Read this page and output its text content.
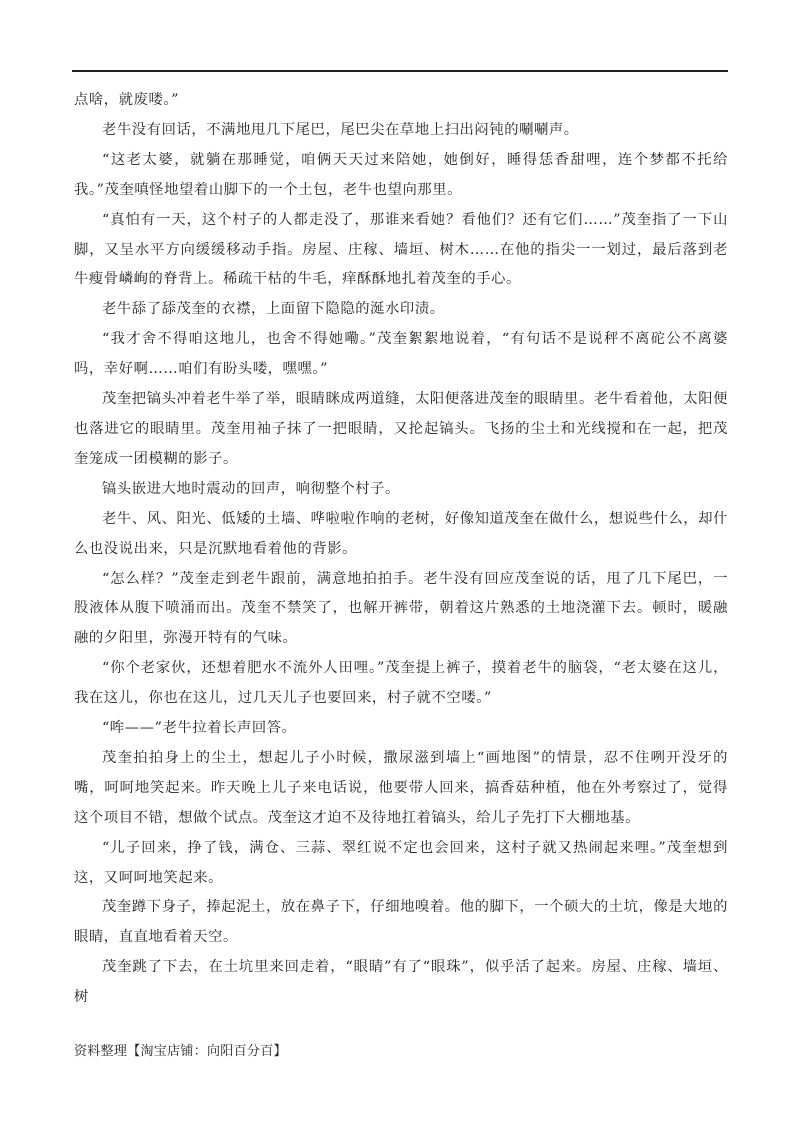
点啥，就废喽。”

老牛没有回话，不满地甩几下尾巴，尾巴尖在草地上扫出闷钝的唰唰声。

“这老太婆，就躺在那睡觉，咱俩天天过来陪她，她倒好，睡得恁香甜哩，连个梦都不托给我。”茂奎嗔怪地望着山脚下的一个土包，老牛也望向那里。

“真怕有一天，这个村子的人都走没了，那谁来看她？看他们？还有它们……”茂奎指了一下山脚，又呈水平方向缓缓移动手指。房屋、庄稼、墙垣、树木……在他的指尖一一划过，最后落到老牛瘦骨嶙峋的脊背上。稀疏干枯的牛毛，痒酥酥地扎着茂奎的手心。

老牛舔了舔茂奎的衣襟，上面留下隐隐的涎水印渍。

“我才舍不得咱这地儿，也舍不得她嘞。”茂奎絮絮地说着，“有句话不是说秤不离砣公不离婆吗，幸好啊……咱们有盼头喽，嘿嘿。”

茂奎把镐头冲着老牛举了举，眼睛眯成两道缝，太阳便落进茂奎的眼睛里。老牛看着他，太阳便也落进它的眼睛里。茂奎用袖子抹了一把眼睛，又抡起镐头。飞扬的尘土和光线搅和在一起，把茂奎笼成一团模糊的影子。

镐头嵌进大地时震动的回声，响彻整个村子。

老牛、风、阳光、低矮的土墙、哗啦啦作响的老树，好像知道茂奎在做什么，想说些什么，却什么也没说出来，只是沉默地看着他的背影。

“怎么样？”茂奎走到老牛跟前，满意地拍拍手。老牛没有回应茂奎说的话，甩了几下尾巴，一股液体从腹下喷涌而出。茂奎不禁笑了，也解开裤带，朝着这片熟悉的土地浇灌下去。顿时，暖融融的夕阳里，弥漫开特有的气味。

“你个老家伙，还想着肥水不流外人田哩。”茂奎提上裤子，摸着老牛的脑袋，“老太婆在这儿，我在这儿，你也在这儿，过几天儿子也要回来，村子就不空喽。”

“哞——”老牛拉着长声回答。

茂奎拍拍身上的尘土，想起儿子小时候，撒尿滋到墙上“画地图”的情景，忍不住咧开没牙的嘴，呵呵地笑起来。昨天晚上儿子来电话说，他要带人回来，搞香菇种植，他在外考察过了，觉得这个项目不错，想做个试点。茂奎这才迫不及待地扛着镐头，给儿子先打下大棚地基。

“儿子回来，挣了钱，满仓、三蒜、翠红说不定也会回来，这村子就又热闹起来哩。”茂奎想到这，又呵呵地笑起来。

茂奎蹲下身子，捧起泥土，放在鼻子下，仔细地嗅着。他的脚下，一个硕大的土坑，像是大地的眼睛，直直地看着天空。

茂奎跳了下去，在土坑里来回走着，“眼睛”有了“眼珠”，似乎活了起来。房屋、庄稼、墙垣、树

资料整理【淘宝店铺：向阳百分百】
